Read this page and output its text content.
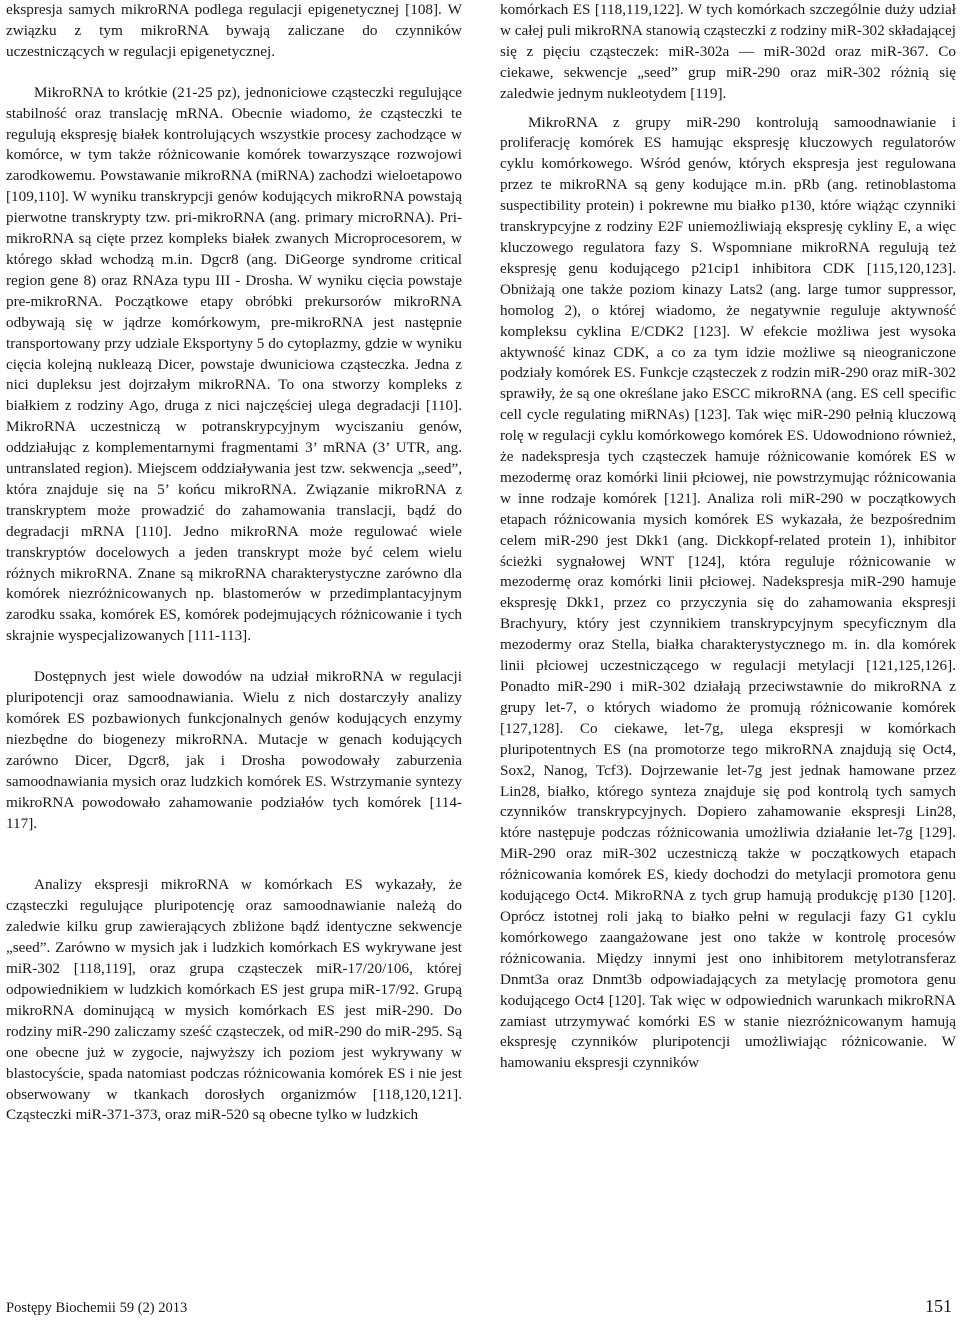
ekspresja samych mikroRNA podlega regulacji epigenetycznej [108]. W związku z tym mikroRNA bywają zaliczane do czynników uczestniczących w regulacji epigenetycznej.

MikroRNA to krótkie (21-25 pz), jednoniciowe cząsteczki regulujące stabilność oraz translację mRNA. Obecnie wiadomo, że cząsteczki te regulują ekspresję białek kontrolujących wszystkie procesy zachodzące w komórce, w tym także różnicowanie komórek towarzyszące rozwojowi zarodkowemu. Powstawanie mikroRNA (miRNA) zachodzi wieloetapowo [109,110]. W wyniku transkrypcji genów kodujących mikroRNA powstają pierwotne transkrypty tzw. pri-mikroRNA (ang. primary microRNA). Pri-mikroRNA są cięte przez kompleks białek zwanych Microprocesorem, w którego skład wchodzą m.in. Dgcr8 (ang. DiGeorge syndrome critical region gene 8) oraz RNAza typu III - Drosha. W wyniku cięcia powstaje pre-mikroRNA. Początkowe etapy obróbki prekursorów mikroRNA odbywają się w jądrze komórkowym, pre-mikroRNA jest następnie transportowany przy udziale Eksportyny 5 do cytoplazmy, gdzie w wyniku cięcia kolejną nukleazą Dicer, powstaje dwuniciowa cząsteczka. Jedna z nici dupleksu jest dojrzałym mikroRNA. To ona stworzy kompleks z białkiem z rodziny Ago, druga z nici najczęściej ulega degradacji [110]. MikroRNA uczestniczą w potranskrypcyjnym wyciszaniu genów, oddziałując z komplementarnymi fragmentami 3’ mRNA (3’ UTR, ang. untranslated region). Miejscem oddziaływania jest tzw. sekwencja „seed”, która znajduje się na 5’ końcu mikroRNA. Związanie mikroRNA z transkryptem może prowadzić do zahamowania translacji, bądź do degradacji mRNA [110]. Jedno mikroRNA może regulować wiele transkryptów docelowych a jeden transkrypt może być celem wielu różnych mikroRNA. Znane są mikroRNA charakterystyczne zarówno dla komórek niezróżnicowanych np. blastomerów w przedimplantacyjnym zarodku ssaka, komórek ES, komórek podejmujących różnicowanie i tych skrajnie wyspecjalizowanych [111-113].

Dostępnych jest wiele dowodów na udział mikroRNA w regulacji pluripotencji oraz samoodnawiania. Wielu z nich dostarczyły analizy komórek ES pozbawionych funkcjonalnych genów kodujących enzymy niezbędne do biogenezy mikroRNA. Mutacje w genach kodujących zarówno Dicer, Dgcr8, jak i Drosha powodowały zaburzenia samoodnawiania mysich oraz ludzkich komórek ES. Wstrzymanie syntezy mikroRNA powodowało zahamowanie podziałów tych komórek [114-117].

Analizy ekspresji mikroRNA w komórkach ES wykazały, że cząsteczki regulujące pluripotencję oraz samoodnawianie należą do zaledwie kilku grup zawierających zbliżone bądź identyczne sekwencje „seed”. Zarówno w mysich jak i ludzkich komórkach ES wykrywane jest miR-302 [118,119], oraz grupa cząsteczek miR-17/20/106, której odpowiednikiem w ludzkich komórkach ES jest grupa miR-17/92. Grupą mikroRNA dominującą w mysich komórkach ES jest miR-290. Do rodziny miR-290 zaliczamy sześć cząsteczek, od miR-290 do miR-295. Są one obecne już w zygocie, najwyższy ich poziom jest wykrywany w blastocyście, spada natomiast podczas różnicowania komórek ES i nie jest obserwowany w tkankach dorosłych organizmów [118,120,121]. Cząsteczki miR-371-373, oraz miR-520 są obecne tylko w ludzkich

komórkach ES [118,119,122]. W tych komórkach szczególnie duży udział w całej puli mikroRNA stanowią cząsteczki z rodziny miR-302 składającej się z pięciu cząsteczek: miR-302a — miR-302d oraz miR-367. Co ciekawe, sekwencje „seed” grup miR-290 oraz miR-302 różnią się zaledwie jednym nukleotydem [119].

MikroRNA z grupy miR-290 kontrolują samoodnawianie i proliferację komórek ES hamując ekspresję kluczowych regulatorów cyklu komórkowego. Wśród genów, których ekspresja jest regulowana przez te mikroRNA są geny kodujące m.in. pRb (ang. retinoblastoma suspectibility protein) i pokrewne mu białko p130, które wiążąc czynniki transkrypcyjne z rodziny E2F uniemożliwiają ekspresję cykliny E, a więc kluczowego regulatora fazy S. Wspomniane mikroRNA regulują też ekspresję genu kodującego p21cip1 inhibitora CDK [115,120,123]. Obniżają one także poziom kinazy Lats2 (ang. large tumor suppressor, homolog 2), o której wiadomo, że negatywnie reguluje aktywność kompleksu cyklina E/CDK2 [123]. W efekcie możliwa jest wysoka aktywność kinaz CDK, a co za tym idzie możliwe są nieograniczone podziały komórek ES. Funkcje cząsteczek z rodzin miR-290 oraz miR-302 sprawiły, że są one określane jako ESCC mikroRNA (ang. ES cell specific cell cycle regulating miRNAs) [123]. Tak więc miR-290 pełnią kluczową rolę w regulacji cyklu komórkowego komórek ES. Udowodniono również, że nadekspresja tych cząsteczek hamuje różnicowanie komórek ES w mezodermę oraz komórki linii płciowej, nie powstrzymując różnicowania w inne rodzaje komórek [121]. Analiza roli miR-290 w początkowych etapach różnicowania mysich komórek ES wykazała, że bezpośrednim celem miR-290 jest Dkk1 (ang. Dickkopf-related protein 1), inhibitor ścieżki sygnałowej WNT [124], która reguluje różnicowanie w mezodermę oraz komórki linii płciowej. Nadekspresja miR-290 hamuje ekspresję Dkk1, przez co przyczynia się do zahamowania ekspresji Brachyury, który jest czynnikiem transkrypcyjnym specyficznym dla mezodermy oraz Stella, białka charakterystycznego m. in. dla komórek linii płciowej uczestniczącego w regulacji metylacji [121,125,126]. Ponadto miR-290 i miR-302 działają przeciwstawnie do mikroRNA z grupy let-7, o których wiadomo że promują różnicowanie komórek [127,128]. Co ciekawe, let-7g, ulega ekspresji w komórkach pluripotentnych ES (na promotorze tego mikroRNA znajdują się Oct4, Sox2, Nanog, Tcf3). Dojrzewanie let-7g jest jednak hamowane przez Lin28, białko, którego synteza znajduje się pod kontrolą tych samych czynników transkrypcyjnych. Dopiero zahamowanie ekspresji Lin28, które następuje podczas różnicowania umożliwia działanie let-7g [129]. MiR-290 oraz miR-302 uczestniczą także w początkowych etapach różnicowania komórek ES, kiedy dochodzi do metylacji promotora genu kodującego Oct4. MikroRNA z tych grup hamują produkcję p130 [120]. Oprócz istotnej roli jaką to białko pełni w regulacji fazy G1 cyklu komórkowego zaangażowane jest ono także w kontrolę procesów różnicowania. Między innymi jest ono inhibitorem metylotransferaz Dnmt3a oraz Dnmt3b odpowiadających za metylację promotora genu kodującego Oct4 [120]. Tak więc w odpowiednich warunkach mikroRNA zamiast utrzymywać komórki ES w stanie niezróżnicowanym hamują ekspresję czynników pluripotencji umożliwiając różnicowanie. W hamowaniu ekspresji czynników

Postępy Biochemii 59 (2) 2013	151
